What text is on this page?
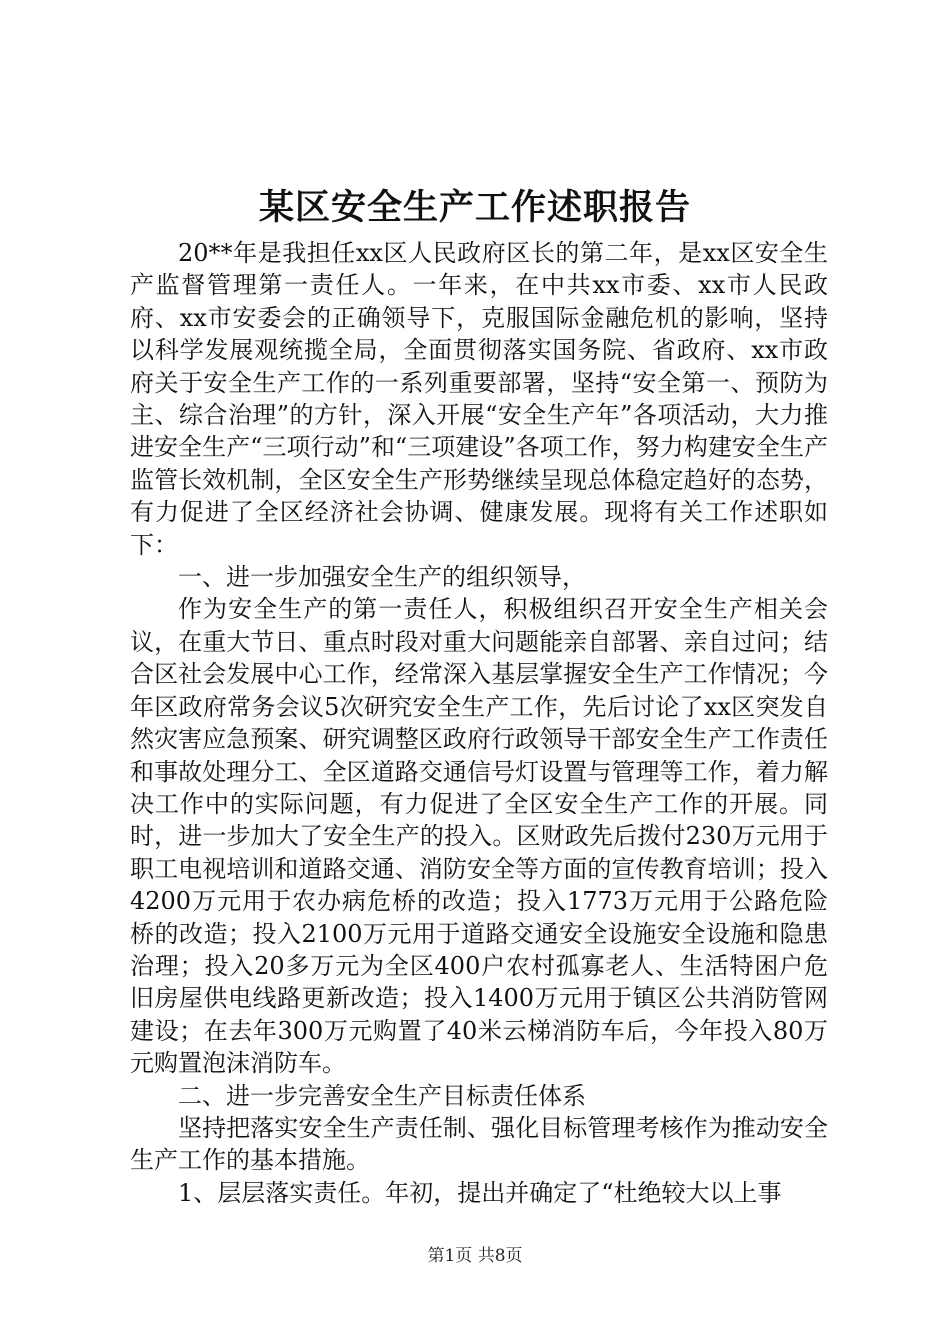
某区安全生产工作述职报告

20**年是我担任xx区人民政府区长的第二年，是xx区安全生产监督管理第一责任人。一年来，在中共xx市委、xx市人民政府、xx市安委会的正确领导下，克服国际金融危机的影响，坚持以科学发展观统揽全局，全面贯彻落实国务院、省政府、xx市政府关于安全生产工作的一系列重要部署，坚持“安全第一、预防为主、综合治理”的方针，深入开展“安全生产年”各项活动，大力推进安全生产“三项行动”和“三项建设”各项工作，努力构建安全生产监管长效机制，全区安全生产形势继续呈现总体稳定趋好的态势，有力促进了全区经济社会协调、健康发展。现将有关工作述职如下：

一、进一步加强安全生产的组织领导，

作为安全生产的第一责任人，积极组织召开安全生产相关会议，在重大节日、重点时段对重大问题能亲自部署、亲自过问；结合区社会发展中心工作，经常深入基层掌握安全生产工作情况；今年区政府常务会议5次研究安全生产工作，先后讨论了xx区突发自然灾害应急预案、研究调整区政府行政领导干部安全生产工作责任和事故处理分工、全区道路交通信号灯设置与管理等工作，着力解决工作中的实际问题，有力促进了全区安全生产工作的开展。同时，进一步加大了安全生产的投入。区财政先后拨付230万元用于职工电视培训和道路交通、消防安全等方面的宣传教育培训；投入4200万元用于农办病危桥的改造；投入1773万元用于公路危险桥的改造；投入2100万元用于道路交通安全设施安全设施和隐患治理；投入20多万元为全区400户农村孤寡老人、生活特困户危旧房屋供电线路更新改造；投入1400万元用于镇区公共消防管网建设；在去年300万元购置了40米云梯消防车后，今年投入80万元购置泡沫消防车。

二、进一步完善安全生产目标责任体系

坚持把落实安全生产责任制、强化目标管理考核作为推动安全生产工作的基本措施。

1、层层落实责任。年初，提出并确定了“杜绝较大以上事

第1页 共8页
